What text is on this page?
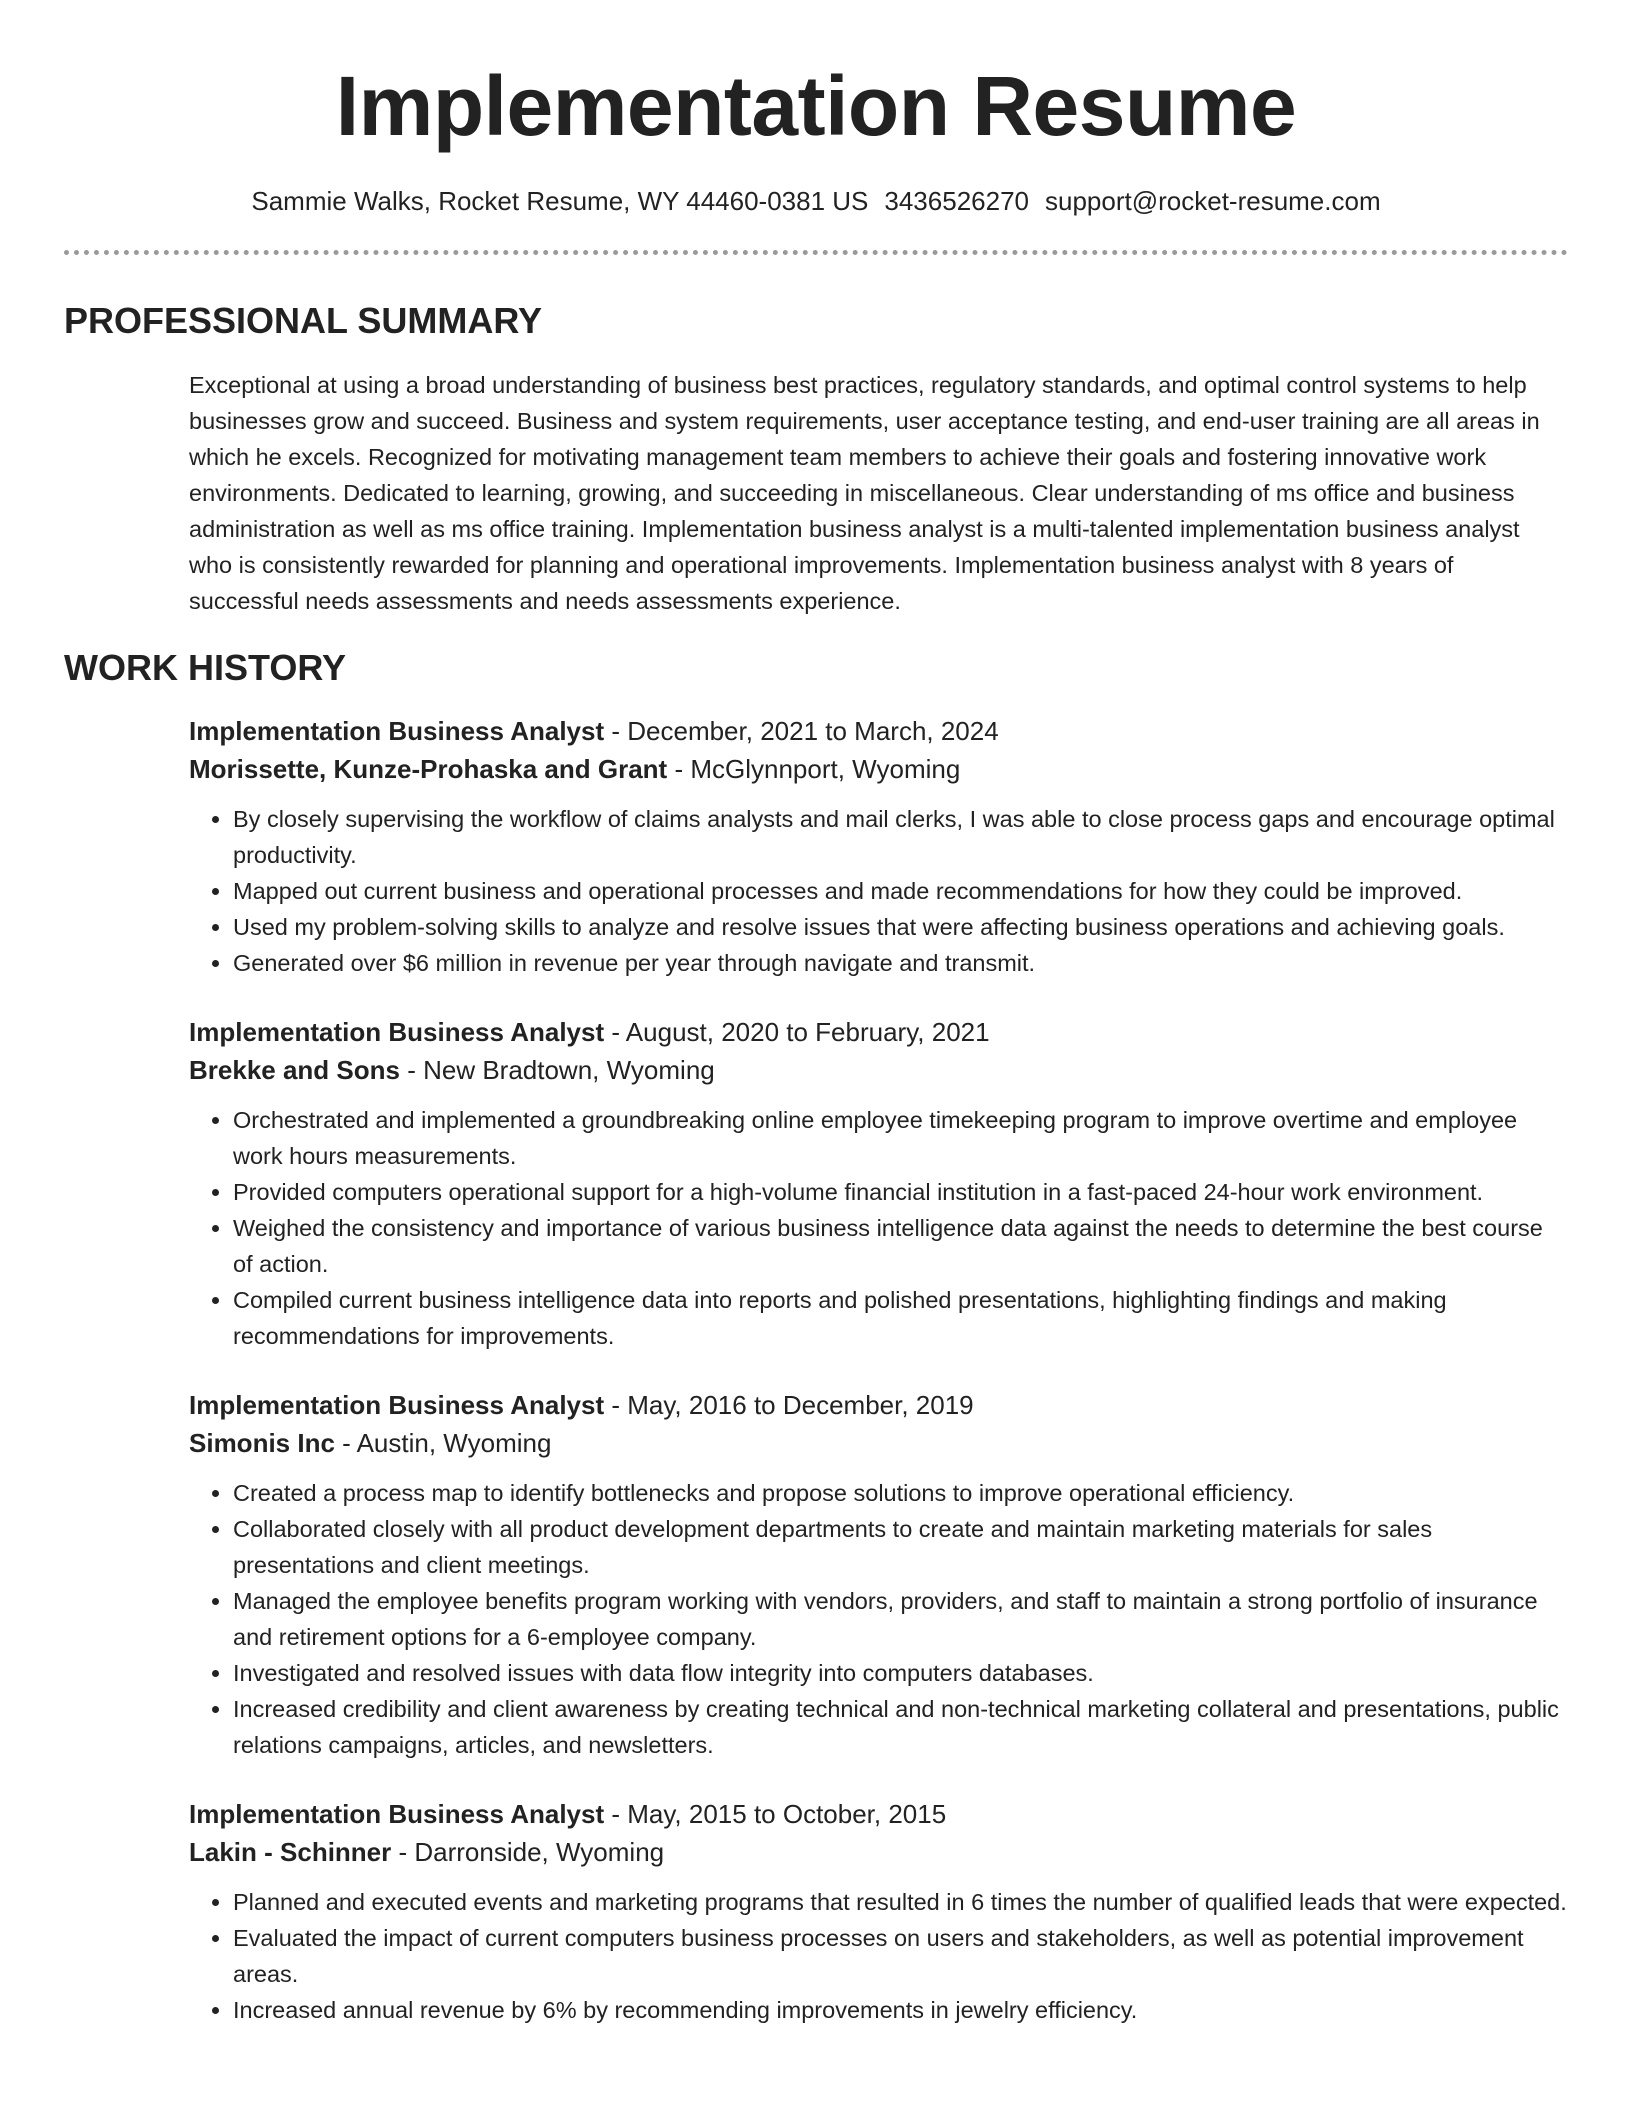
Implementation Resume
Sammie Walks, Rocket Resume, WY 44460-0381 US 3436526270 support@rocket-resume.com
PROFESSIONAL SUMMARY

Exceptional at using a broad understanding of business best practices, regulatory standards, and optimal control systems to help businesses grow and succeed. Business and system requirements, user acceptance testing, and end-user training are all areas in which he excels. Recognized for motivating management team members to achieve their goals and fostering innovative work environments. Dedicated to learning, growing, and succeeding in miscellaneous. Clear understanding of ms office and business administration as well as ms office training. Implementation business analyst is a multi-talented implementation business analyst who is consistently rewarded for planning and operational improvements. Implementation business analyst with 8 years of successful needs assessments and needs assessments experience.

WORK HISTORY
Implementation Business Analyst - December, 2021 to March, 2024
Morissette, Kunze-Prohaska and Grant - McGlynnport, Wyoming
• By closely supervising the workflow of claims analysts and mail clerks, I was able to close process gaps and encourage optimal productivity.
• Mapped out current business and operational processes and made recommendations for how they could be improved.
• Used my problem-solving skills to analyze and resolve issues that were affecting business operations and achieving goals.
• Generated over $6 million in revenue per year through navigate and transmit.
Implementation Business Analyst - August, 2020 to February, 2021
Brekke and Sons - New Bradtown, Wyoming
• Orchestrated and implemented a groundbreaking online employee timekeeping program to improve overtime and employee work hours measurements.
• Provided computers operational support for a high-volume financial institution in a fast-paced 24-hour work environment.
• Weighed the consistency and importance of various business intelligence data against the needs to determine the best course of action.
• Compiled current business intelligence data into reports and polished presentations, highlighting findings and making recommendations for improvements.
Implementation Business Analyst - May, 2016 to December, 2019
Simonis Inc - Austin, Wyoming
• Created a process map to identify bottlenecks and propose solutions to improve operational efficiency.
• Collaborated closely with all product development departments to create and maintain marketing materials for sales presentations and client meetings.
• Managed the employee benefits program working with vendors, providers, and staff to maintain a strong portfolio of insurance and retirement options for a 6-employee company.
• Investigated and resolved issues with data flow integrity into computers databases.
• Increased credibility and client awareness by creating technical and non-technical marketing collateral and presentations, public relations campaigns, articles, and newsletters.
Implementation Business Analyst - May, 2015 to October, 2015
Lakin - Schinner - Darronside, Wyoming
• Planned and executed events and marketing programs that resulted in 6 times the number of qualified leads that were expected.
• Evaluated the impact of current computers business processes on users and stakeholders, as well as potential improvement areas.
• Increased annual revenue by 6% by recommending improvements in jewelry efficiency.
